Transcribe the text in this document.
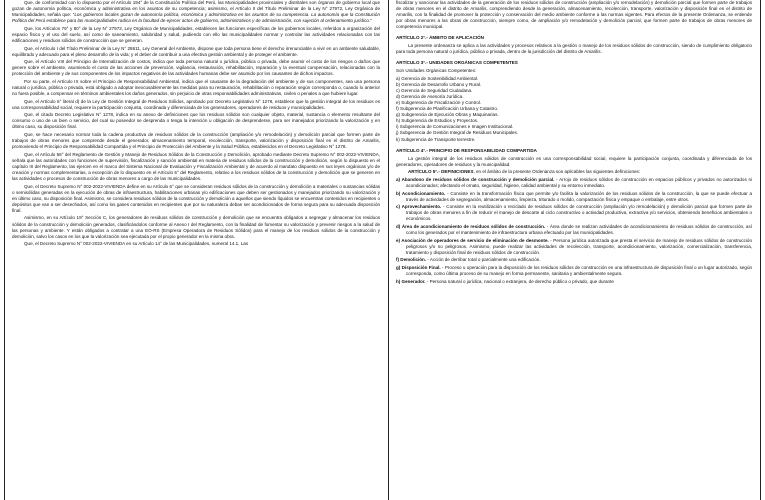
Que, de conformidad con lo dispuesto por el Artículo 194° de la Constitución Política del Perú, las Municipalidades provinciales y distritales son órganos de gobierno local que gozan de autonomía política, económica y administrativa en los asuntos de su competencia; asimismo, el Artículo II del Título Preliminar de la Ley N° 27972, Ley Orgánica de Municipalidades, señala que: "Los gobiernos locales gozan de autonomía política, económica y administrativa en los asuntos de su competencia. La autonomía que la Constitución Política del Perú establece para las municipalidades radica en la facultad de ejercer actos de gobierno, administrativos y de administración, con sujeción al ordenamiento jurídico."

Que, los Artículos 79° y 80° de la Ley N° 27972, Ley Orgánica de Municipalidades, establecen las funciones específicas de los gobiernos locales, referidos a organización del espacio físico y el uso del suelo, así como de saneamiento, salubridad y salud, pudiendo con ello las municipalidades normar y controlar las actividades relacionadas con las edificaciones y residuos sólidos de construcción que se generan.

Que, el Artículo I del Título Preliminar de la Ley N° 28611, Ley General del Ambiente, dispone que toda persona tiene el derecho irrenunciable a vivir en un ambiente saludable, equilibrado y adecuado para el pleno desarrollo de la vida; y el deber de contribuir a una efectiva gestión ambiental y de proteger el ambiente.

Que, el Artículo VIII del Principio de Internalización de costos, indica que toda persona natural o jurídica, pública o privada, debe asumir el costo de los riesgos o daños que genere sobre el ambiente, asumiendo el costo de las acciones de prevención, vigilancia, restauración, rehabilitación, reparación y la eventual compensación, relacionadas con la protección del ambiente y de sus componentes de los impactos negativos de las actividades humanas debe ser asumido por los causantes de dichos impactos.

Por su parte, el Artículo IX sobre el Principio de Responsabilidad Ambiental, indica que el causante de la degradación del ambiente y de sus componentes, sea una persona natural o jurídica, pública o privada, está obligado a adoptar inexcusablemente las medidas para su restauración, rehabilitación o reparación según corresponda o, cuando lo anterior no fuera posible, a compensar en términos ambientales los daños generados, sin perjuicio de otras responsabilidades administrativas, civiles o penales a que hubiere lugar.

Que, el Artículo 5° literal d) de la Ley de Gestión Integral de Residuos Sólidos, aprobado por Decreto Legislativo N° 1278, establece que la gestión integral de los residuos es una corresponsabilidad social, requiere la participación conjunta, coordinada y diferenciada de los generadores, operadores de residuos y municipalidades.

Que, el citado Decreto Legislativo N° 1278, indica en su anexo de definiciones que los residuos sólidos son cualquier objeto, material, sustancia o elemento resultante del consumo o uso de un bien o servicio, del cual su poseedor se desprenda o tenga la intención u obligación de desprenderse, para ser manejados priorizando la valorización y en último caso, su disposición final.

Que, se hace necesario normar toda la cadena productiva de residuos sólidos de la construcción (ampliación y/o remodelación) y demolición parcial que formen parte de trabajos de obras menores que comprende desde el generador, almacenamiento temporal, recolección, transporte, valorización y disposición final en el distrito de Amarilis, promoviendo el Principio de Responsabilidad Compartida y el Principio de Protección del Ambiente y la Salud Pública, establecidos en el Decreto Legislativo N° 1278.

Que, el Artículo 58° del Reglamento de Gestión y Manejo de Residuos Sólidos de la Construcción y Demolición, aprobado mediante Decreto Supremo N° 002-2022-VIVIENDA, señala que las autoridades con funciones de supervisión, fiscalización y sanción ambiental en materia de residuos sólidos de la construcción y demolición, según lo dispuesto en el capítulo III del Reglamento, las ejercen en el marco del Sistema Nacional de Evaluación y Fiscalización Ambiental y de acuerdo al mandato dispuesto en sus leyes orgánicas y/o de creación y normas complementarias, a excepción de lo dispuesto en el Artículo 5° del Reglamento, relativo a los residuos sólidos de la construcción y demolición que se generen en las actividades o procesos de construcción de obras menores a cargo de las municipalidades.

Que, el Decreto Supremo N° 002-2022-VIVIENDA define en su Artículo 6° que se consideran residuos sólidos de la construcción y demolición a materiales o sustancias sólidas o semisólidas generadas en la ejecución de obras de infraestructura, habilitaciones urbanas y/o edificaciones que deben ser gestionados y manejados priorizando su valorización y en último caso, su disposición final. Asimismo, se considera residuos sólidos de la construcción y demolición a aquellos que siendo líquidos se encuentran contenidos en recipientes o depósitos que van a ser desechados, así como los gases contenidos en recipientes que por su naturaleza deban ser acondicionados de forma segura para su adecuada disposición final.

Asimismo, en su Artículo 19° Sección C, los generadores de residuos sólidos de construcción y demolición que se encuentra obligados a segregar y almacenar los residuos sólidos de la construcción y demolición generados, clasificándolos conforme al Anexo I del Reglamento, con la finalidad de fomentar su valorización y prevenir riesgos a la salud de las personas y ambiente. Y están obligados a contratar a una EO-RS (Empresa Operadora de Residuos Sólidos) para el manejo de los residuos sólidos de la construcción y demolición, salvo los casos en los que la valorización sea ejecutada por el propio generador en la misma obra.

Que, el Decreto Supremo N° 002-2022-VIVIENDA en su Artículo 14° de las Municipalidades, numeral 14.1. Las

fiscalizar y sancionar las actividades de la generación de los residuos sólidos de construcción (ampliación y/o remodelación) y demolición parcial que formen parte de trabajos de obras menores en el distrito de Amarilis, comprendiendo desde la generación, almacenamiento, recolección, transporte, valorización y disposición final en el distrito de Amarilis, con la finalidad de promover la protección y conservación del medio ambiente conforme a las normas vigentes. Para efectos de la presente Ordenanza, se entiende por obras menores a las obras de construcción, siempre como, de ampliación y/o remodelación y demolición parcial, que formen parte de trabajos de obras menores de competencia municipal.

ARTÍCULO 2°.- ÁMBITO DE APLICACIÓN

La presente ordenanza se aplica a las actividades y procesos relativos a la gestión o manejo de los residuos sólidos de construcción, siendo de cumplimiento obligatorio para toda persona natural o jurídica, pública o privada, dentro de la jurisdicción del distrito de Amarilis.

ARTÍCULO 3°.- UNIDADES ORGÁNICAS COMPETENTES

Son Unidades Orgánicas Competentes:

a) Gerencia de Sostenibilidad Ambiental.
b) Gerencia de Desarrollo Urbano y Rural.
c) Gerencia de Seguridad Ciudadana.
d) Gerencia de Asesoría Jurídica.
e) Subgerencia de Fiscalización y Control.
f) Subgerencia de Planificación Urbana y Catastro.
g) Subgerencia de Ejecución Obras y Maquinarias.
h) Subgerencia de Estudios y Proyectos.
i) Subgerencia de Comunicaciones e Imagen Institucional.
j) Subgerencia de Gestión Integral de Residuos Municipales.
k) Subgerencia de Transporte terrestre.

ARTÍCULO 4°.- PRINCIPIO DE RESPONSABILIDAD COMPARTIDA

La gestión integral de los residuos sólidos de construcción es una corresponsabilidad social, requiere la participación conjunta, coordinada y diferenciada de los generadores, operadores de residuos y la municipalidad.

ARTÍCULO 5°.- DEFINICIONES, en el ámbito de la presente Ordenanza son aplicables las siguientes definiciones:

a) Abandono de residuos sólidos de construcción y demolición parcial. - Arrojo de residuos sólidos de construcción en espacios públicos y privados no autorizados ni acondicionados; afectando el ornato, seguridad, higiene, calidad ambiental y su entorno inmediato.
b) Acondicionamiento. - Consiste en la transformación física que permite y/o facilita la valorización de los residuos sólidos de la construcción, la que se puede efectuar a través de actividades de segregación, almacenamiento, limpieza, triturado o molido, compactación física y empaque o embalaje, entre otros.
c) Aprovechamiento. - Consiste en la reutilización o reciclado de residuos sólidos de construcción (ampliación y/o remodelación) y demolición parcial que formen parte de trabajos de obras menores a fin de reducir el manejo de descarte al ciclo constructivo o actividad productiva, extractiva y/o servicios, obteniendo beneficios ambientales o económicos.
d) Área de acondicionamiento de residuos sólidos de construcción. - Área donde se realizan actividades de acondicionamiento de residuos sólidos de construcción, así como los generados por el mantenimiento de infraestructura urbana efectuado por las municipalidades.
e) Asociación de operadores de servicio de eliminación de desmonte. - Persona jurídica autorizada que presta el servicio de manejo de residuos sólidos de construcción peligrosos y/o no peligrosos. Asimismo, puede realizar las actividades de recolección, transporte, acondicionamiento, valorización, comercialización, transferencia, tratamiento y disposición final de residuos sólidos de construcción.
f) Demolición. - Acción de derribar total o parcialmente una edificación.
g) Disposición Final. - Proceso u operación para la disposición de los residuos sólidos de construcción en una infraestructura de disposición final o un lugar autorizado, según corresponda, como última proceso de su manejo en forma permanente, sanitaria y ambientalmente segura.
h) Generador. - Persona natural o jurídica, nacional o extranjera, de derecho público o privado, que durante
